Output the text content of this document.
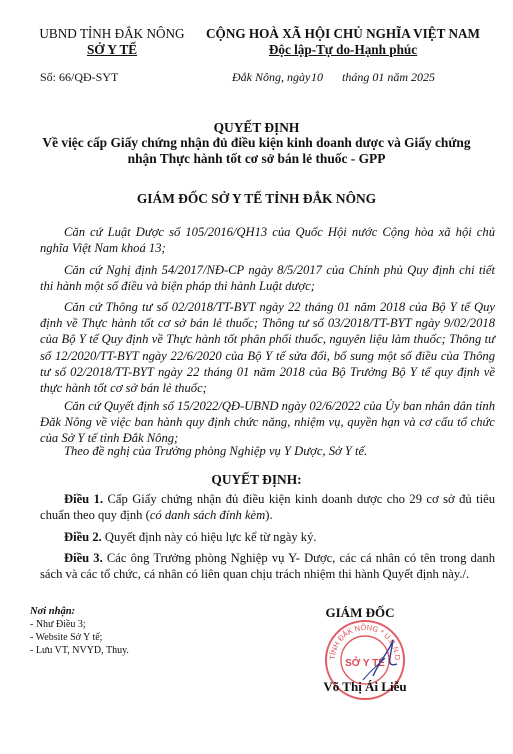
UBND TỈNH ĐẮK NÔNG
SỞ Y TẾ
CỘNG HOÀ XÃ HỘI CHỦ NGHĨA VIỆT NAM
Độc lập-Tự do-Hạnh phúc
Số: 66/QĐ-SYT	Đắk Nông, ngày 10 tháng 01 năm 2025
QUYẾT ĐỊNH
Về việc cấp Giấy chứng nhận đủ điều kiện kinh doanh dược và Giấy chứng
nhận Thực hành tốt cơ sở bán lẻ thuốc - GPP
GIÁM ĐỐC SỞ Y TẾ TỈNH ĐẮK NÔNG
Căn cứ Luật Dược số 105/2016/QH13 của Quốc Hội nước Cộng hòa xã hội chủ nghĩa Việt Nam khoá 13;
Căn cứ Nghị định 54/2017/NĐ-CP ngày 8/5/2017 của Chính phủ Quy định chi tiết thi hành một số điều và biện pháp thi hành Luật dược;
Căn cứ Thông tư số 02/2018/TT-BYT ngày 22 tháng 01 năm 2018 của Bộ Y tế Quy định về Thực hành tốt cơ sở bán lẻ thuốc; Thông tư số 03/2018/TT-BYT ngày 9/02/2018 của Bộ Y tế Quy định về Thực hành tốt phân phối thuốc, nguyên liệu làm thuốc; Thông tư số 12/2020/TT-BYT ngày 22/6/2020 của Bộ Y tế sửa đổi, bổ sung một số điều của Thông tư số 02/2018/TT-BYT ngày 22 tháng 01 năm 2018 của Bộ Trưởng Bộ Y tế quy định về thực hành tốt cơ sở bán lẻ thuốc;
Căn cứ Quyết định số 15/2022/QĐ-UBND ngày 02/6/2022 của Ủy ban nhân dân tỉnh Đăk Nông về việc ban hành quy định chức năng, nhiệm vụ, quyền hạn và cơ cấu tổ chức của Sở Y tế tỉnh Đắk Nông;
Theo đề nghị của Trưởng phòng Nghiệp vụ Y Dược, Sở Y tế.
QUYẾT ĐỊNH:
Điều 1. Cấp Giấy chứng nhận đủ điều kiện kinh doanh dược cho 29 cơ sở đủ tiêu chuẩn theo quy định (có danh sách đính kèm).
Điều 2. Quyết định này có hiệu lực kể từ ngày ký.
Điều 3. Các ông Trưởng phòng Nghiệp vụ Y- Dược, các cá nhân có tên trong danh sách và các tổ chức, cá nhân có liên quan chịu trách nhiệm thi hành Quyết định này./.
Nơi nhận:
- Như Điều 3;
- Website Sở Y tế;
- Lưu VT, NVYD, Thuy.
GIÁM ĐỐC
TỈNH ĐẮK NÔNG * U.B.N.D
SỞ Y TẾ
Võ Thị Ái Liễu
